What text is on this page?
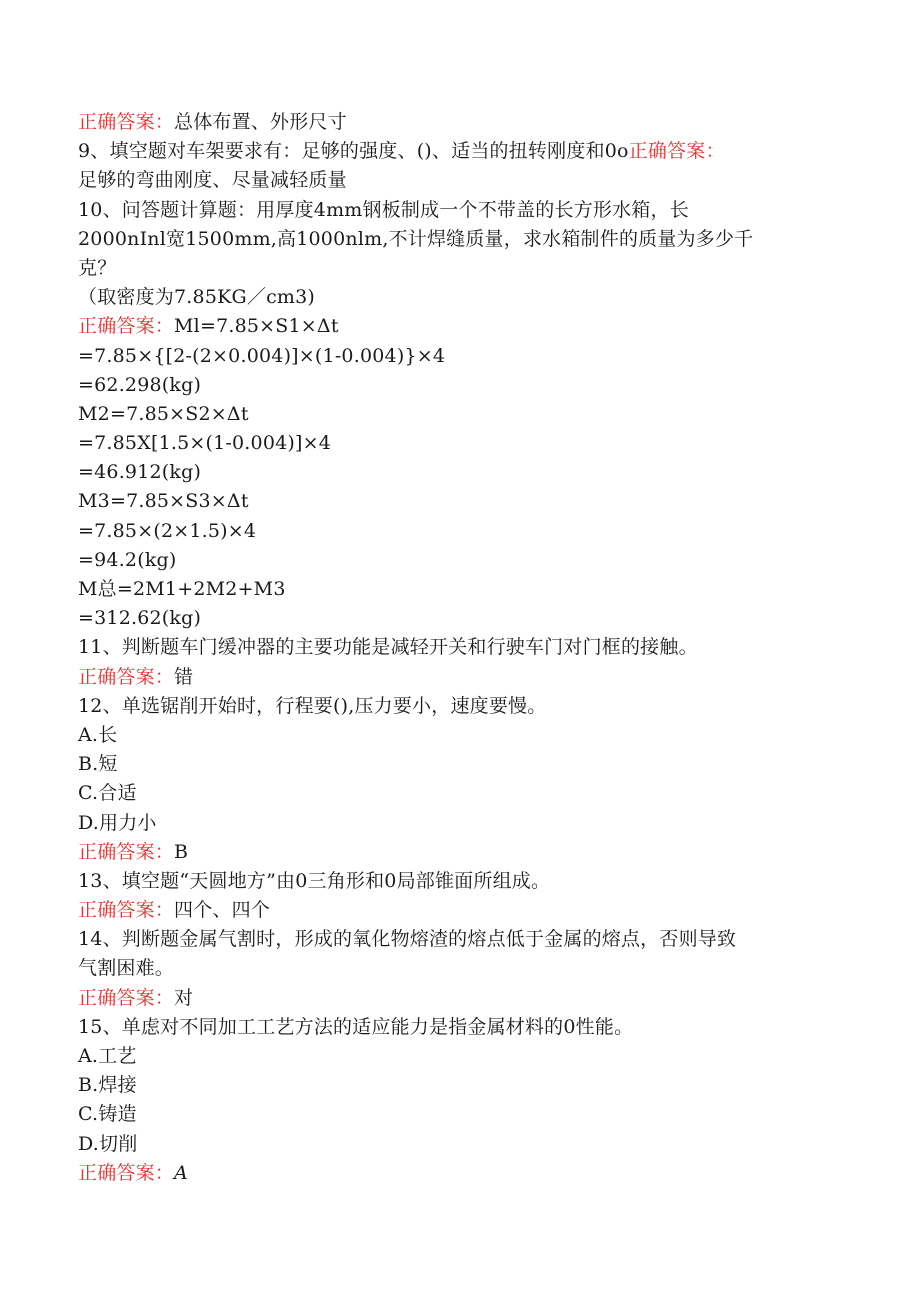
正确答案：总体布置、外形尺寸
9、填空题对车架要求有：足够的强度、()、适当的扭转刚度和0o正确答案：
足够的弯曲刚度、尽量减轻质量
10、问答题计算题：用厚度4mm钢板制成一个不带盖的长方形水箱，长
2000nInl宽1500mm,高1000nlm,不计焊缝质量，求水箱制件的质量为多少千
克？
（取密度为7.85KG／cm3)
正确答案：Ml=7.85×S1×Δt
=7.85×{[2-(2×0.004)]×(1-0.004)}×4
=62.298(kg)
M2=7.85×S2×Δt
=7.85X[1.5×(1-0.004)]×4
=46.912(kg)
M3=7.85×S3×Δt
=7.85×(2×1.5)×4
=94.2(kg)
M总=2M1+2M2+M3
=312.62(kg)
11、判断题车门缓冲器的主要功能是减轻开关和行驶车门对门框的接触。
正确答案：错
12、单选锯削开始时，行程要(),压力要小，速度要慢。
A.长
B.短
C.合适
D.用力小
正确答案：B
13、填空题“天圆地方”由0三角形和0局部锥面所组成。
正确答案：四个、四个
14、判断题金属气割时，形成的氧化物熔渣的熔点低于金属的熔点，否则导致
气割困难。
正确答案：对
15、单虑对不同加工工艺方法的适应能力是指金属材料的0性能。
A.工艺
B.焊接
C.铸造
D.切削
正确答案：A
